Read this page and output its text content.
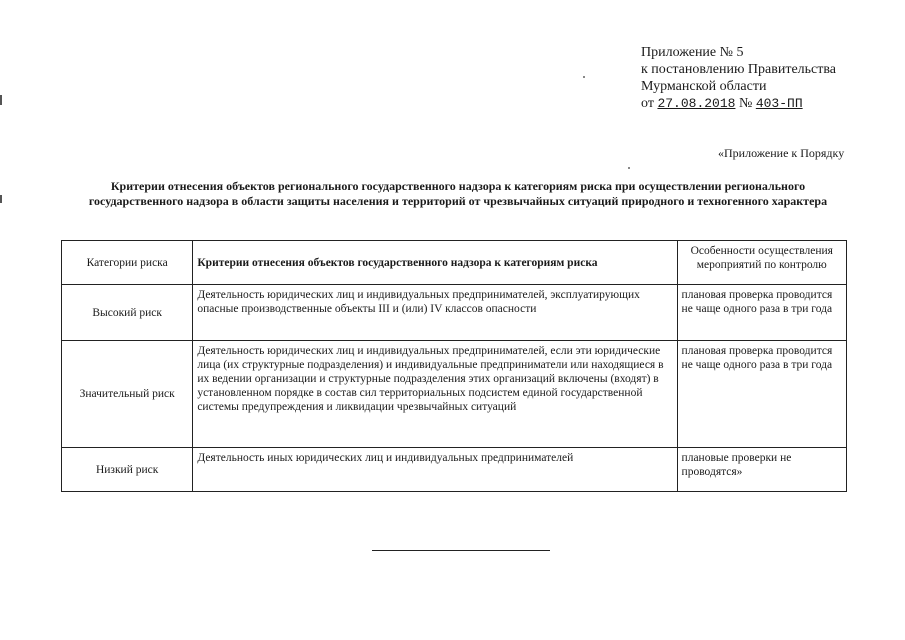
Приложение № 5
к постановлению Правительства
Мурманской области
от 27.08.2018 № 403-ПП
«Приложение к Порядку
Критерии отнесения объектов регионального государственного надзора к категориям риска при осуществлении регионального государственного надзора в области защиты населения и территорий от чрезвычайных ситуаций природного и техногенного характера
Категории риска	Критерии отнесения объектов государственного надзора к категориям риска	Особенности осуществления мероприятий по контролю
Высокий риск	Деятельность юридических лиц и индивидуальных предпринимателей, эксплуатирующих опасные производственные объекты III и (или) IV классов опасности	плановая проверка проводится не чаще одного раза в три года
Значительный риск	Деятельность юридических лиц и индивидуальных предпринимателей, если эти юридические лица (их структурные подразделения) и индивидуальные предприниматели или находящиеся в их ведении организации и структурные подразделения этих организаций включены (входят) в установленном порядке в состав сил территориальных подсистем единой государственной системы предупреждения и ликвидации чрезвычайных ситуаций	плановая проверка проводится не чаще одного раза в три года
Низкий риск	Деятельность иных юридических лиц и индивидуальных предпринимателей	плановые проверки не проводятся»
